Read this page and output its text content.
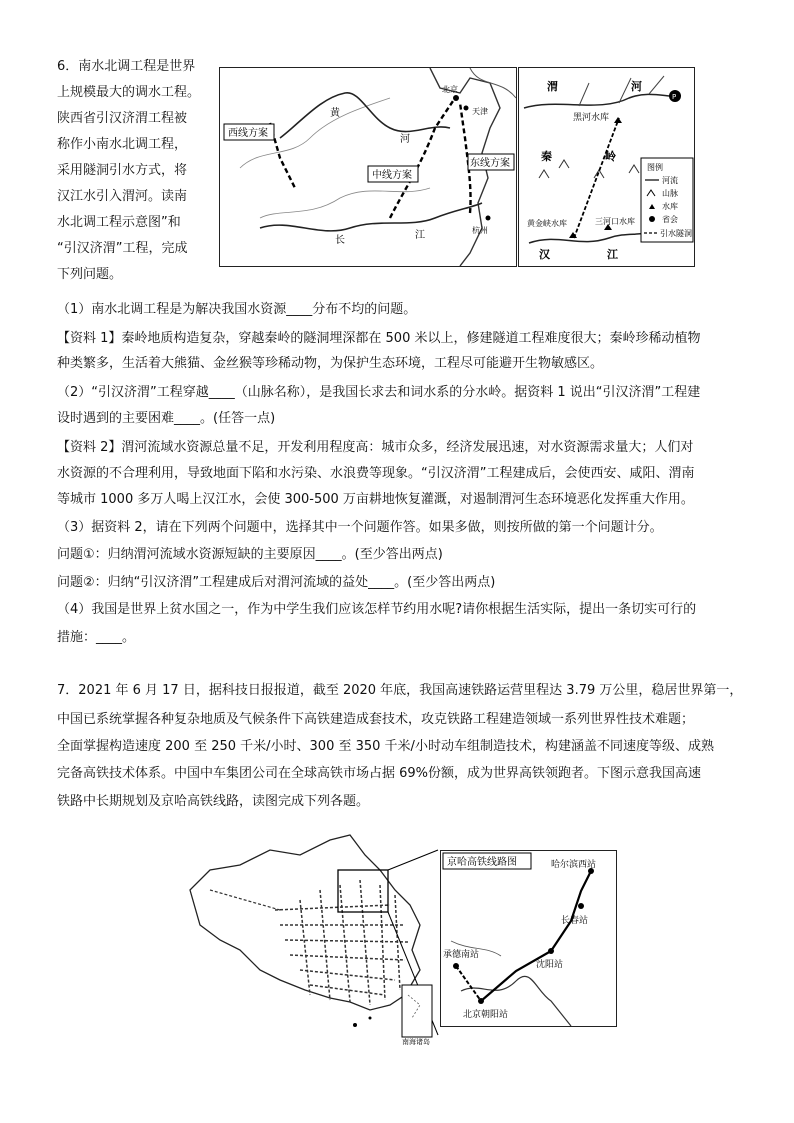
6．南水北调工程是世界
上规模最大的调水工程。
陕西省引汉济渭工程被
称作小南水北调工程，
采用隧洞引水方式，将
汉江水引入渭河。读南
水北调工程示意图”和
“引汉济渭”工程，完成
下列问题。
西线方案
中线方案
东线方案
黄
河
长	江	杭州
北京
天津
P
渭	河
黑河水库
秦	岭
黄金峡水库	三河口水库
汉	江
图例
河流
山脉
水库
省会
引水隧洞
（1）南水北调工程是为解决我国水资源____分布不均的问题。
【资料 1】秦岭地质构造复杂，穿越秦岭的隧洞埋深都在 500 米以上，修建隧道工程难度很大；秦岭珍稀动植物
种类繁多，生活着大熊猫、金丝猴等珍稀动物，为保护生态环境，工程尽可能避开生物敏感区。
（2）“引汉济渭”工程穿越____（山脉名称），是我国长求去和词水系的分水岭。据资料 1 说出“引汉济渭”工程建
设时遇到的主要困难____。(任答一点)
【资料 2】渭河流域水资源总量不足，开发利用程度高：城市众多，经济发展迅速，对水资源需求量大；人们对
水资源的不合理利用，导致地面下陷和水污染、水浪费等现象。“引汉济渭”工程建成后，会使西安、咸阳、渭南
等城市 1000 多万人喝上汉江水，会使 300-500 万亩耕地恢复灌溉，对遏制渭河生态环境恶化发挥重大作用。
（3）据资料 2，请在下列两个问题中，选择其中一个问题作答。如果多做，则按所做的第一个问题计分。
问题①：归纳渭河流域水资源短缺的主要原因____。(至少答出两点)
问题②：归纳“引汉济渭”工程建成后对渭河流域的益处____。(至少答出两点)
（4）我国是世界上贫水国之一，作为中学生我们应该怎样节约用水呢?请你根据生活实际，提出一条切实可行的
措施：____。
7．2021 年 6 月 17 日，据科技日报报道，截至 2020 年底，我国高速铁路运营里程达 3.79 万公里，稳居世界第一，
中国已系统掌握各种复杂地质及气候条件下高铁建造成套技术，攻克铁路工程建造领域一系列世界性技术难题；
全面掌握构造速度 200 至 250 千米/小时、300 至 350 千米/小时动车组制造技术，构建涵盖不同速度等级、成熟
完备高铁技术体系。中国中车集团公司在全球高铁市场占据 69%份额，成为世界高铁领跑者。下图示意我国高速
铁路中长期规划及京哈高铁线路，读图完成下列各题。
南海诸岛
京哈高铁线路图	哈尔滨西站
长春站
沈阳站
承德南站
北京朝阳站
